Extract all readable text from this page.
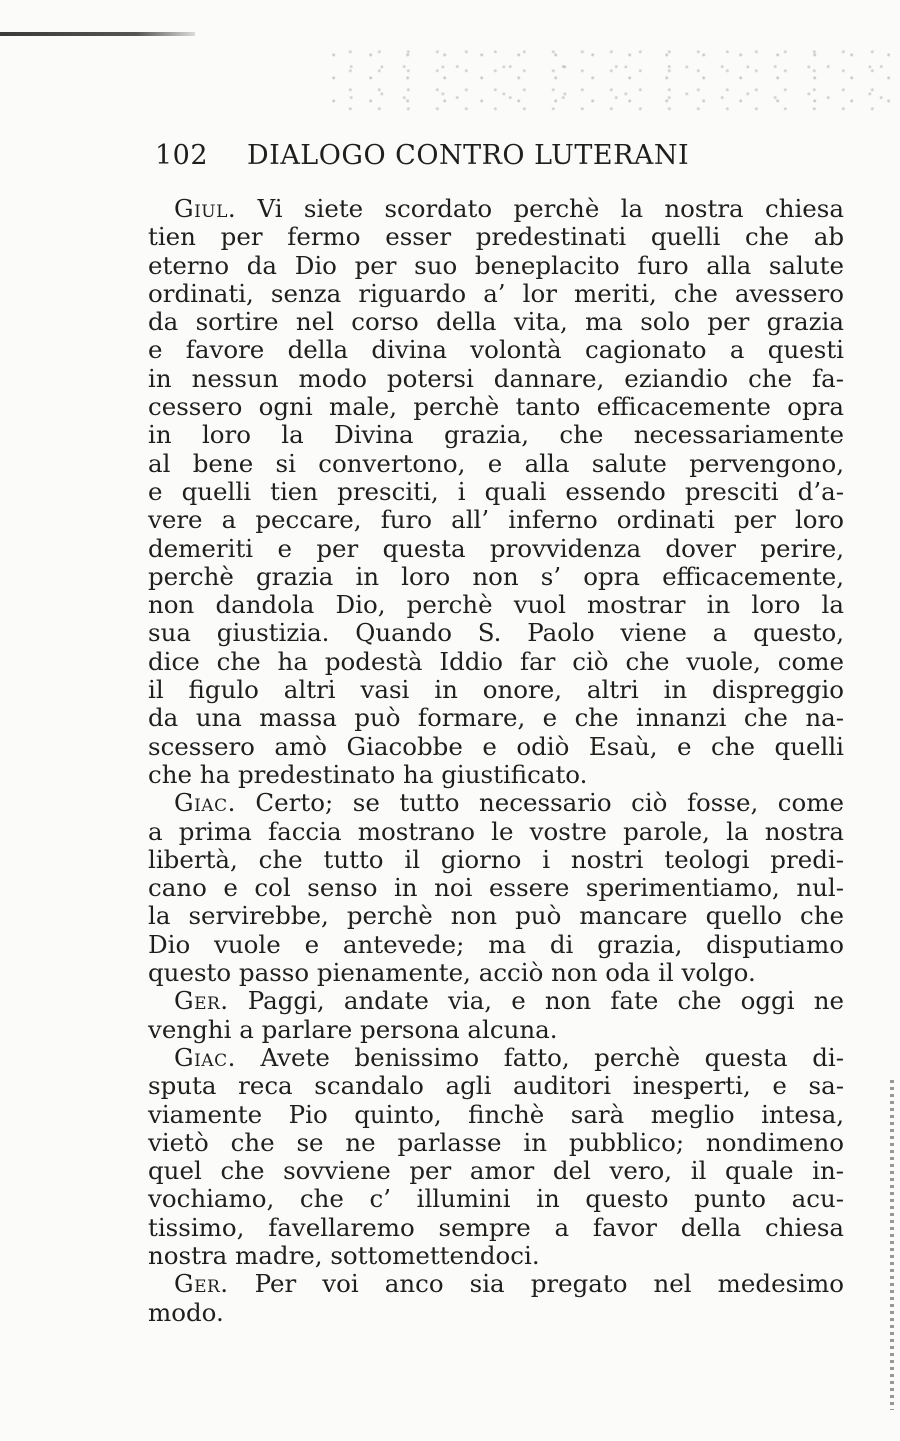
102 DIALOGO CONTRO LUTERANI
Giul. Vi siete scordato perchè la nostra chiesa
tien per fermo esser predestinati quelli che ab
eterno da Dio per suo beneplacito furo alla salute
ordinati, senza riguardo a’ lor meriti, che avessero
da sortire nel corso della vita, ma solo per grazia
e favore della divina volontà cagionato a questi
in nessun modo potersi dannare, eziandio che fa-
cessero ogni male, perchè tanto efficacemente opra
in loro la Divina grazia, che necessariamente
al bene si convertono, e alla salute pervengono,
e quelli tien presciti, i quali essendo presciti d’a-
vere a peccare, furo all’ inferno ordinati per loro
demeriti e per questa provvidenza dover perire,
perchè grazia in loro non s’ opra efficacemente,
non dandola Dio, perchè vuol mostrar in loro la
sua giustizia. Quando S. Paolo viene a questo,
dice che ha podestà Iddio far ciò che vuole, come
il figulo altri vasi in onore, altri in dispreggio
da una massa può formare, e che innanzi che na-
scessero amò Giacobbe e odiò Esaù, e che quelli
che ha predestinato ha giustificato.
Giac. Certo; se tutto necessario ciò fosse, come
a prima faccia mostrano le vostre parole, la nostra
libertà, che tutto il giorno i nostri teologi predi-
cano e col senso in noi essere sperimentiamo, nul-
la servirebbe, perchè non può mancare quello che
Dio vuole e antevede; ma di grazia, disputiamo
questo passo pienamente, acciò non oda il volgo.
Ger. Paggi, andate via, e non fate che oggi ne
venghi a parlare persona alcuna.
Giac. Avete benissimo fatto, perchè questa di-
sputa reca scandalo agli auditori inesperti, e sa-
viamente Pio quinto, finchè sarà meglio intesa,
vietò che se ne parlasse in pubblico; nondimeno
quel che sovviene per amor del vero, il quale in-
vochiamo, che c’ illumini in questo punto acu-
tissimo, favellaremo sempre a favor della chiesa
nostra madre, sottomettendoci.
Ger. Per voi anco sia pregato nel medesimo
modo.
